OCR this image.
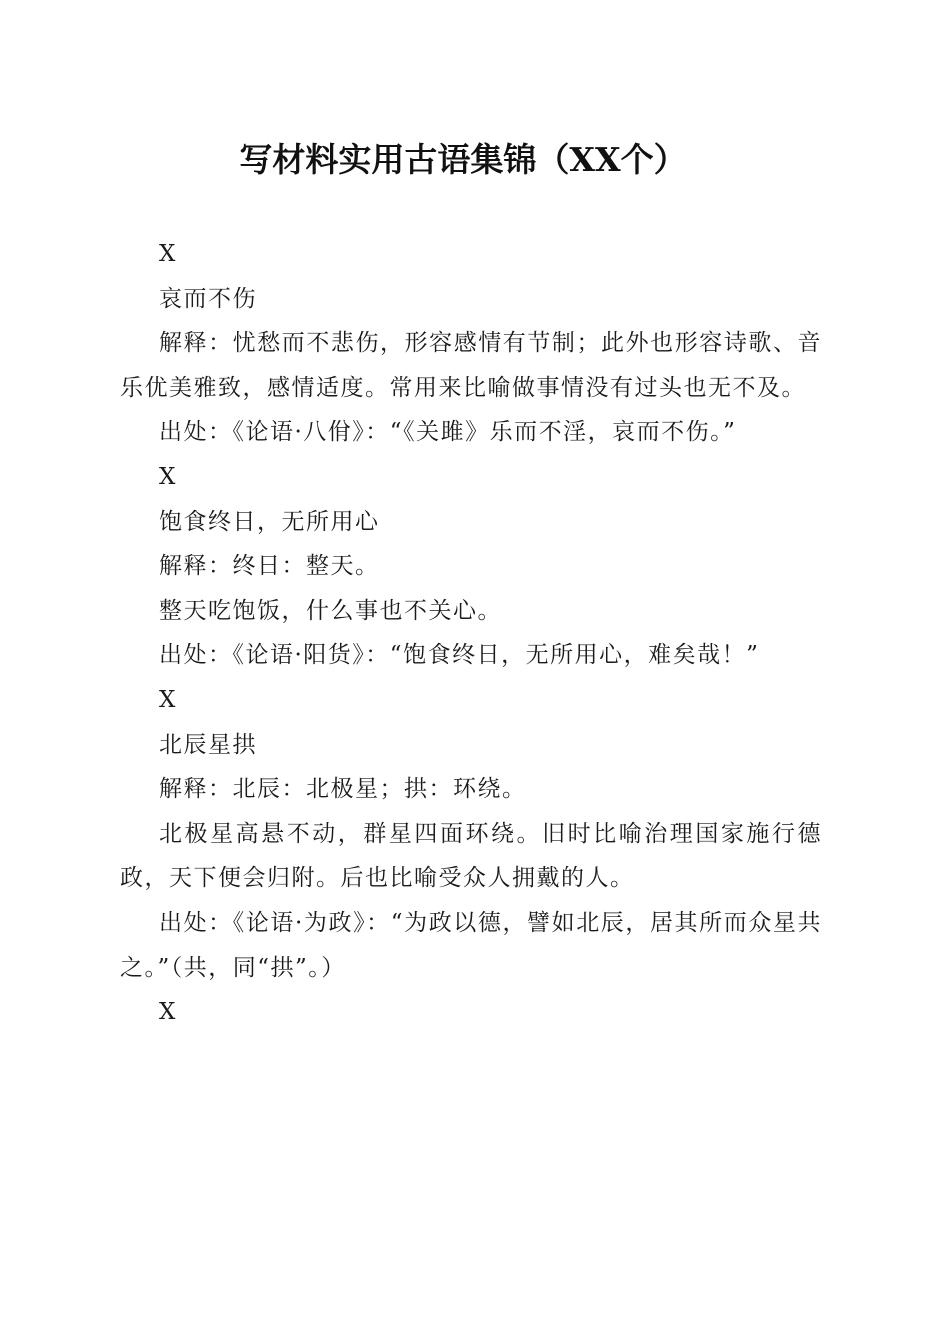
写材料实用古语集锦（XX个）

X

哀而不伤

解释：忧愁而不悲伤，形容感情有节制；此外也形容诗歌、音乐优美雅致，感情适度。常用来比喻做事情没有过头也无不及。

出处：《论语·八佾》：“《关雎》乐而不淫，哀而不伤。”

X

饱食终日，无所用心

解释：终日：整天。

整天吃饱饭，什么事也不关心。

出处：《论语·阳货》：“饱食终日，无所用心，难矣哉！”

X

北辰星拱

解释：北辰：北极星；拱：环绕。

北极星高悬不动，群星四面环绕。旧时比喻治理国家施行德政，天下便会归附。后也比喻受众人拥戴的人。

出处：《论语·为政》：“为政以德，譬如北辰，居其所而众星共之。”（共，同“拱”。）

X
